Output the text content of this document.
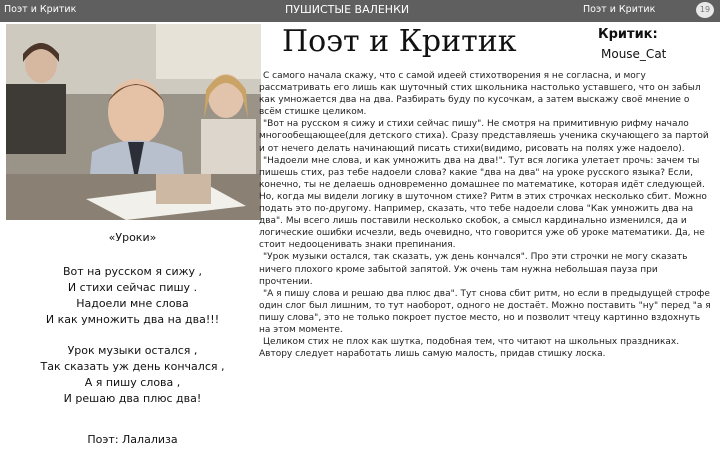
Поэт и Критик	ПУШИСТЫЕ ВАЛЕНКИ	Поэт и Критик	19
Поэт и Критик	Критик:
Mouse_Cat
«Уроки»
Вот на русском я сижу ,
И стихи сейчас пишу .
Надоели мне слова
И как умножить два на два!!!
Урок музыки остался ,
Так сказать уж день кончался ,
А я пишу слова ,
И решаю два плюс два!
Поэт: Лалализа

С самого начала скажу, что с самой идеей стихотворения я не согласна, и могу рассматривать его лишь как шуточный стих школьника настолько уставшего, что он забыл как умножается два на два. Разбирать буду по кусочкам, а затем выскажу своё мнение о всём стишке целиком.

"Вот на русском я сижу и стихи сейчас пишу". Не смотря на примитивную рифму начало многообещающее(для детского стиха). Сразу представляешь ученика скучающего за партой и от нечего делать начинающий писать стихи(видимо, рисовать на полях уже надоело).

"Надоели мне слова, и как умножить два на два!". Тут вся логика улетает прочь: зачем ты пишешь стих, раз тебе надоели слова? какие "два на два" на уроке русского языка? Если, конечно, ты не делаешь одновременно домашнее по математике, которая идёт следующей. Но, когда мы видели логику в шуточном стихе? Ритм в этих строчках несколько сбит. Можно подать это по-другому. Например, сказать, что тебе надоели слова "Как умножить два на два". Мы всего лишь поставили несколько скобок, а смысл кардинально изменился, да и логические ошибки исчезли, ведь очевидно, что говорится уже об уроке математики. Да, не стоит недооценивать знаки препинания.

"Урок музыки остался, так сказать, уж день кончался". Про эти строчки не могу сказать ничего плохого кроме забытой запятой. Уж очень там нужна небольшая пауза при прочтении.

"А я пишу слова и решаю два плюс два". Тут снова сбит ритм, но если в предыдущей строфе один слог был лишним, то тут наоборот, одного не достаёт. Можно поставить "ну" перед "а я пишу слова", это не только покроет пустое место, но и позволит чтецу картинно вздохнуть на этом моменте.

Целиком стих не плох как шутка, подобная тем, что читают на школьных праздниках. Автору следует наработать лишь самую малость, придав стишку лоска.
